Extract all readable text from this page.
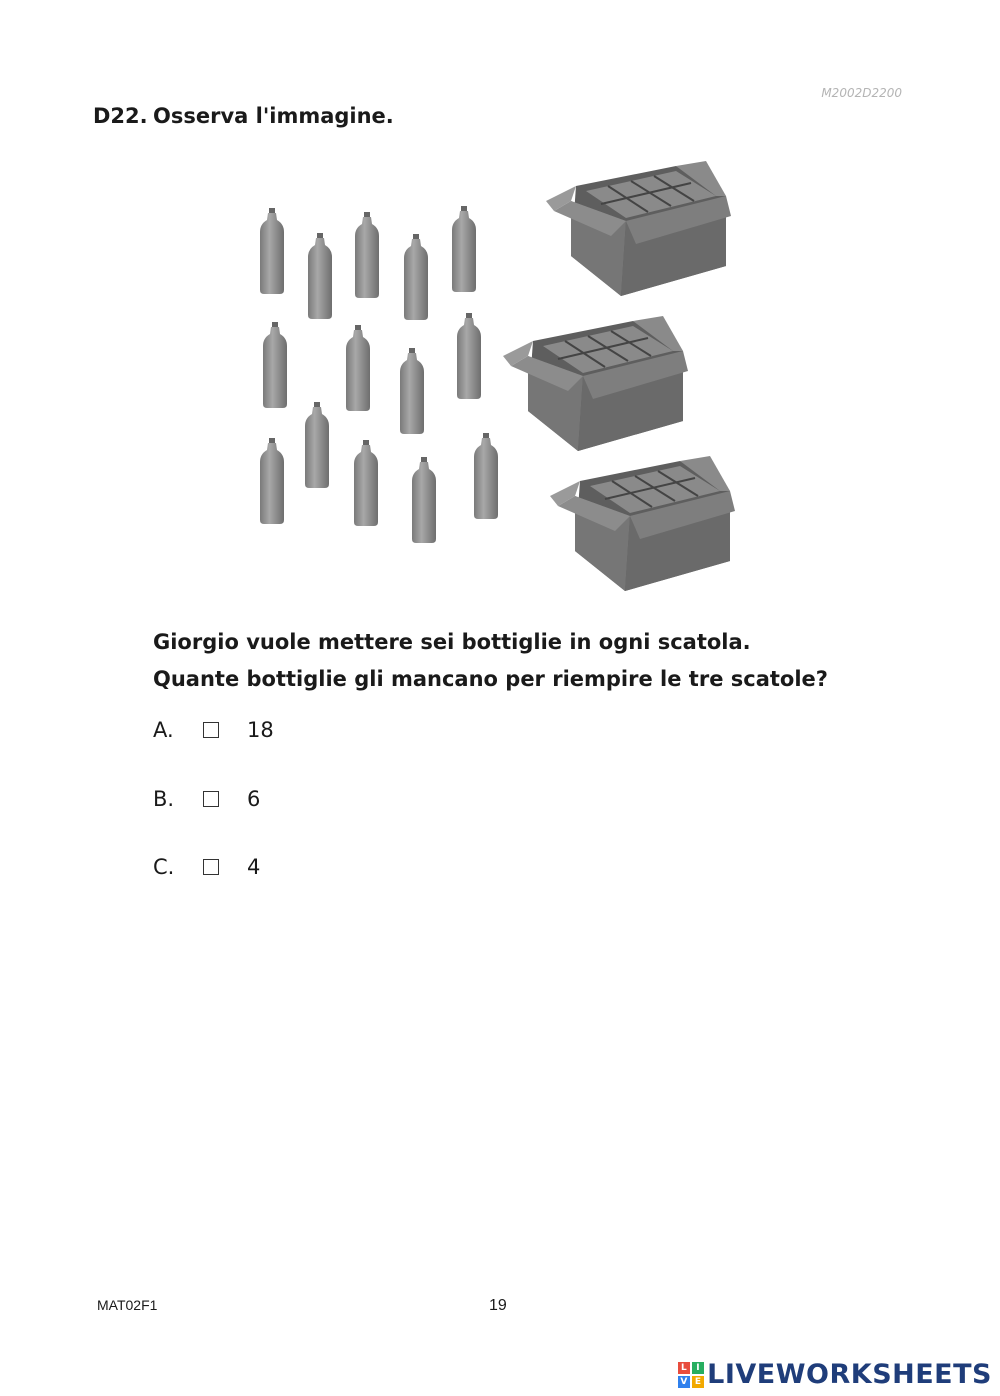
M2002D2200
D22. Osserva l'immagine.
Giorgio vuole mettere sei bottiglie in ogni scatola.
Quante bottiglie gli mancano per riempire le tre scatole?
A.	18
B.	6
C.	4
MAT02F1	19
L I
V E LIVEWORKSHEETS
